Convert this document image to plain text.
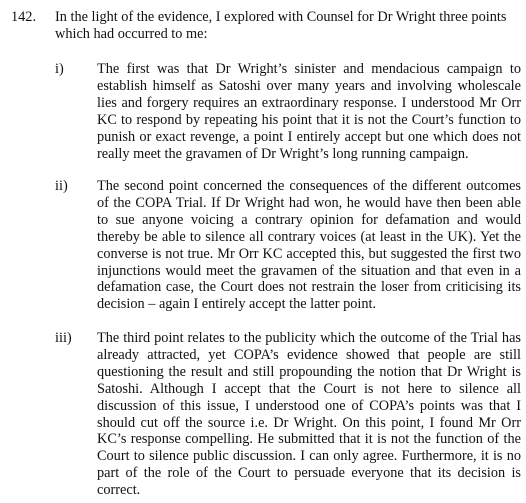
142.	In the light of the evidence, I explored with Counsel for Dr Wright three points which had occurred to me:
i)	The first was that Dr Wright’s sinister and mendacious campaign to establish himself as Satoshi over many years and involving wholescale lies and forgery requires an extraordinary response. I understood Mr Orr KC to respond by repeating his point that it is not the Court’s function to punish or exact revenge, a point I entirely accept but one which does not really meet the gravamen of Dr Wright’s long running campaign.
ii)	The second point concerned the consequences of the different outcomes of the COPA Trial. If Dr Wright had won, he would have then been able to sue anyone voicing a contrary opinion for defamation and would thereby be able to silence all contrary voices (at least in the UK). Yet the converse is not true. Mr Orr KC accepted this, but suggested the first two injunctions would meet the gravamen of the situation and that even in a defamation case, the Court does not restrain the loser from criticising its decision – again I entirely accept the latter point.
iii)	The third point relates to the publicity which the outcome of the Trial has already attracted, yet COPA’s evidence showed that people are still questioning the result and still propounding the notion that Dr Wright is Satoshi. Although I accept that the Court is not here to silence all discussion of this issue, I understood one of COPA’s points was that I should cut off the source i.e. Dr Wright. On this point, I found Mr Orr KC’s response compelling. He submitted that it is not the function of the Court to silence public discussion. I can only agree. Furthermore, it is no part of the role of the Court to persuade everyone that its decision is correct.
